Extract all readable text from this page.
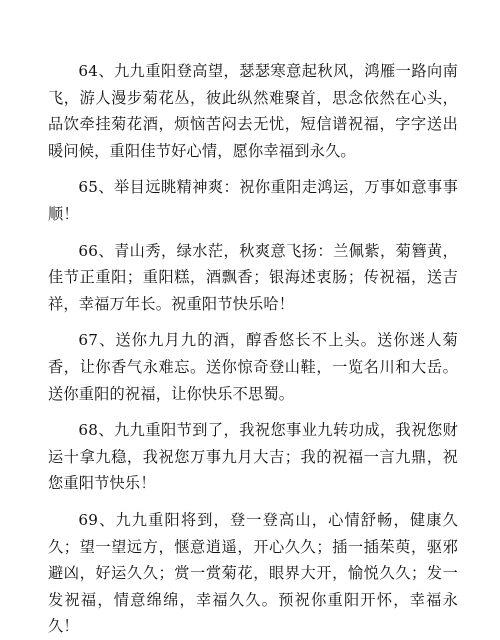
64、九九重阳登高望，瑟瑟寒意起秋风，鸿雁一路向南飞，游人漫步菊花丛，彼此纵然难聚首，思念依然在心头，品饮牵挂菊花酒，烦恼苦闷去无忧，短信谱祝福，字字送出暖问候，重阳佳节好心情，愿你幸福到永久。

65、举目远眺精神爽：祝你重阳走鸿运，万事如意事事顺！

66、青山秀，绿水茫，秋爽意飞扬：兰佩紫，菊簪黄，佳节正重阳；重阳糕，酒飘香；银海述衷肠；传祝福，送吉祥，幸福万年长。祝重阳节快乐哈！

67、送你九月九的酒，醇香悠长不上头。送你迷人菊香，让你香气永难忘。送你惊奇登山鞋，一览名川和大岳。送你重阳的祝福，让你快乐不思蜀。

68、九九重阳节到了，我祝您事业九转功成，我祝您财运十拿九稳，我祝您万事九月大吉；我的祝福一言九鼎，祝您重阳节快乐！

69、九九重阳将到，登一登高山，心情舒畅，健康久久；望一望远方，惬意逍遥，开心久久；插一插茱萸，驱邪避凶，好运久久；赏一赏菊花，眼界大开，愉悦久久；发一发祝福，情意绵绵，幸福久久。预祝你重阳开怀，幸福永久！
